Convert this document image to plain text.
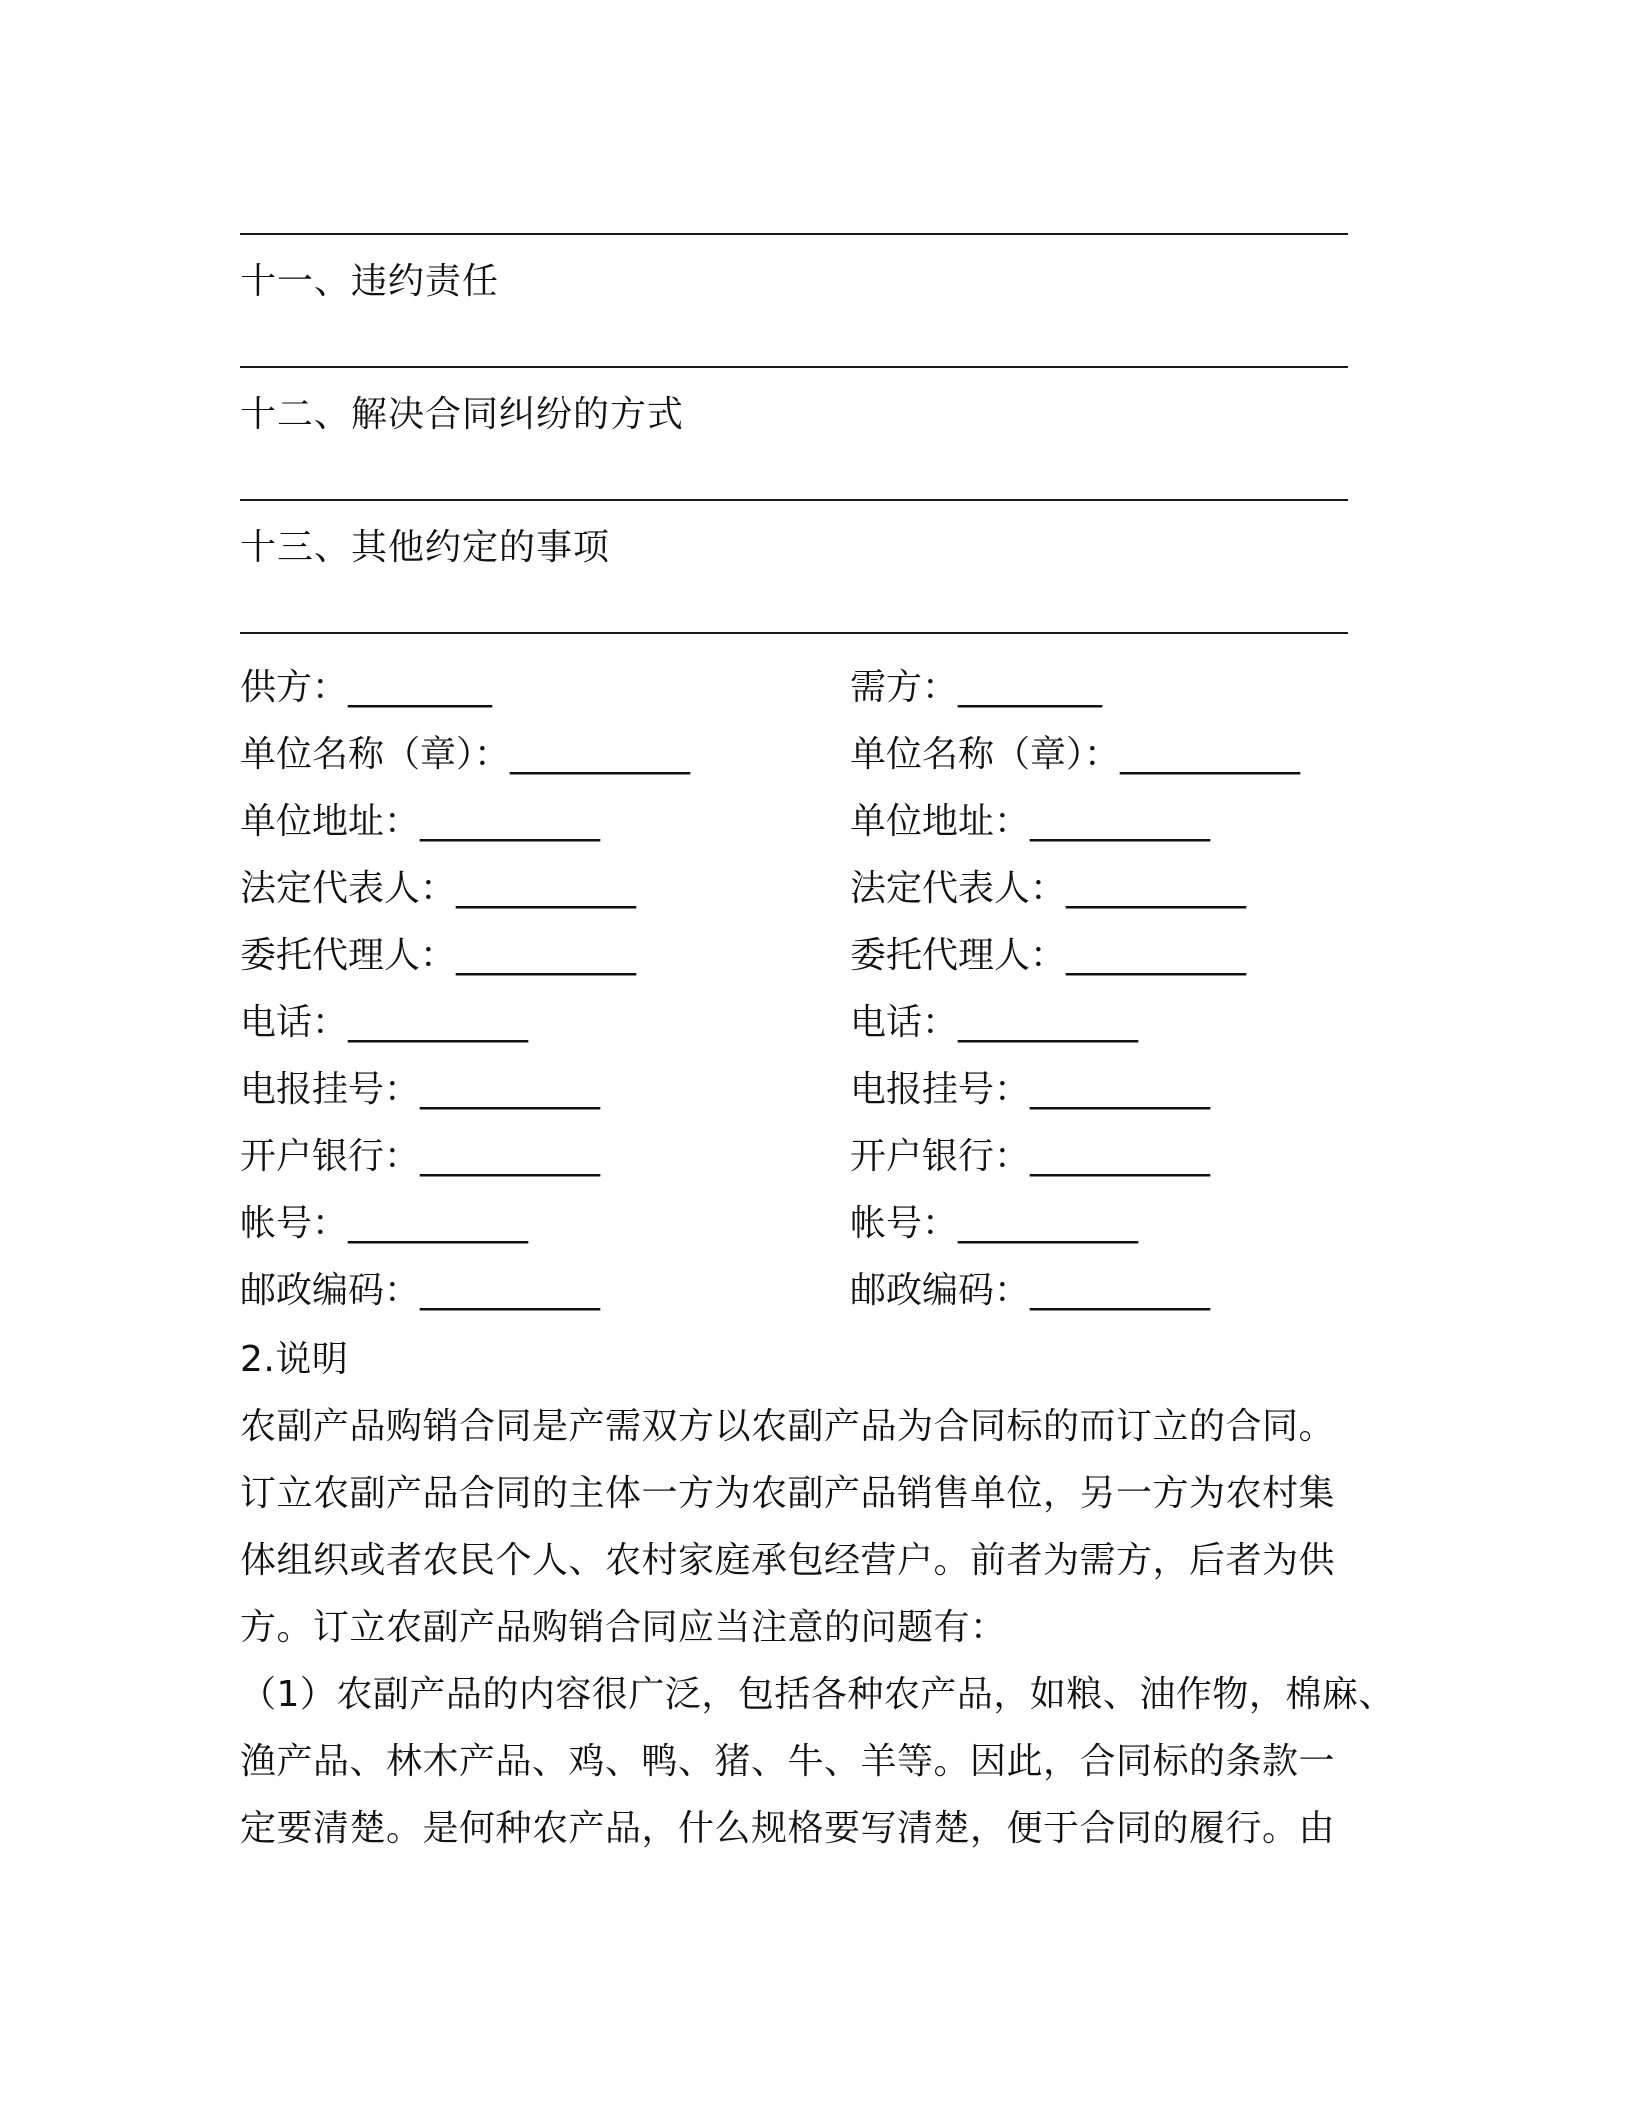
十一、违约责任
十二、解决合同纠纷的方式
十三、其他约定的事项
供方：________	需方：________
单位名称（章）：__________	单位名称（章）：__________
单位地址：__________	单位地址：__________
法定代表人：__________	法定代表人：__________
委托代理人：__________	委托代理人：__________
电话：__________	电话：__________
电报挂号：__________	电报挂号：__________
开户银行：__________	开户银行：__________
帐号：__________	帐号：__________
邮政编码：__________	邮政编码：__________
2.说明
农副产品购销合同是产需双方以农副产品为合同标的而订立的合同。
订立农副产品合同的主体一方为农副产品销售单位，另一方为农村集
体组织或者农民个人、农村家庭承包经营户。前者为需方，后者为供
方。订立农副产品购销合同应当注意的问题有：
（1）农副产品的内容很广泛，包括各种农产品，如粮、油作物，棉麻、
渔产品、林木产品、鸡、鸭、猪、牛、羊等。因此，合同标的条款一
定要清楚。是何种农产品，什么规格要写清楚，便于合同的履行。由
